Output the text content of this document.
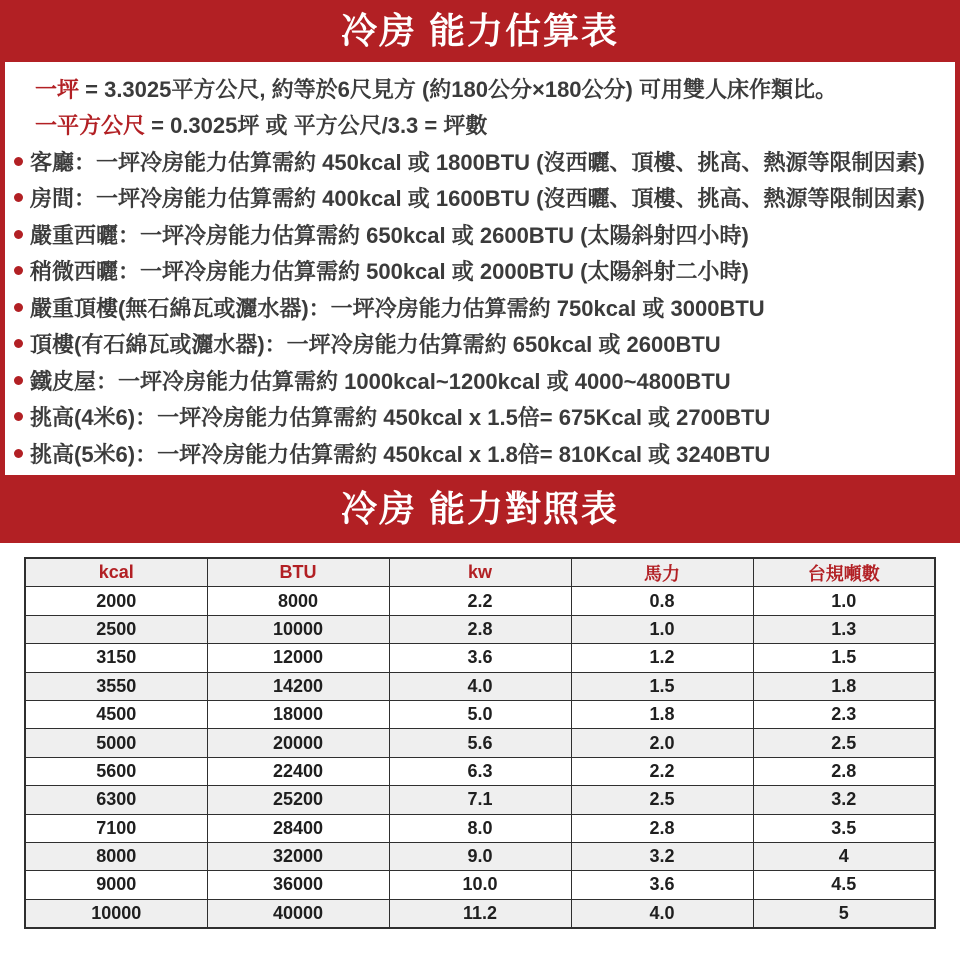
冷房 能力估算表
一坪 = 3.3025平方公尺, 約等於6尺見方 (約180公分×180公分) 可用雙人床作類比。
一平方公尺 = 0.3025坪 或 平方公尺/3.3 = 坪數
客廳：一坪冷房能力估算需約 450kcal 或 1800BTU (沒西曬、頂樓、挑高、熱源等限制因素)
房間：一坪冷房能力估算需約 400kcal 或 1600BTU (沒西曬、頂樓、挑高、熱源等限制因素)
嚴重西曬：一坪冷房能力估算需約 650kcal 或 2600BTU (太陽斜射四小時)
稍微西曬：一坪冷房能力估算需約 500kcal 或 2000BTU (太陽斜射二小時)
嚴重頂樓(無石綿瓦或灑水器)：一坪冷房能力估算需約 750kcal 或 3000BTU
頂樓(有石綿瓦或灑水器)：一坪冷房能力估算需約 650kcal 或 2600BTU
鐵皮屋：一坪冷房能力估算需約 1000kcal~1200kcal 或 4000~4800BTU
挑高(4米6)：一坪冷房能力估算需約 450kcal x 1.5倍= 675Kcal 或 2700BTU
挑高(5米6)：一坪冷房能力估算需約 450kcal x 1.8倍= 810Kcal 或 3240BTU
冷房 能力對照表
kcal	BTU	kw	馬力	台規噸數
2000	8000	2.2	0.8	1.0
2500	10000	2.8	1.0	1.3
3150	12000	3.6	1.2	1.5
3550	14200	4.0	1.5	1.8
4500	18000	5.0	1.8	2.3
5000	20000	5.6	2.0	2.5
5600	22400	6.3	2.2	2.8
6300	25200	7.1	2.5	3.2
7100	28400	8.0	2.8	3.5
8000	32000	9.0	3.2	4
9000	36000	10.0	3.6	4.5
10000	40000	11.2	4.0	5
